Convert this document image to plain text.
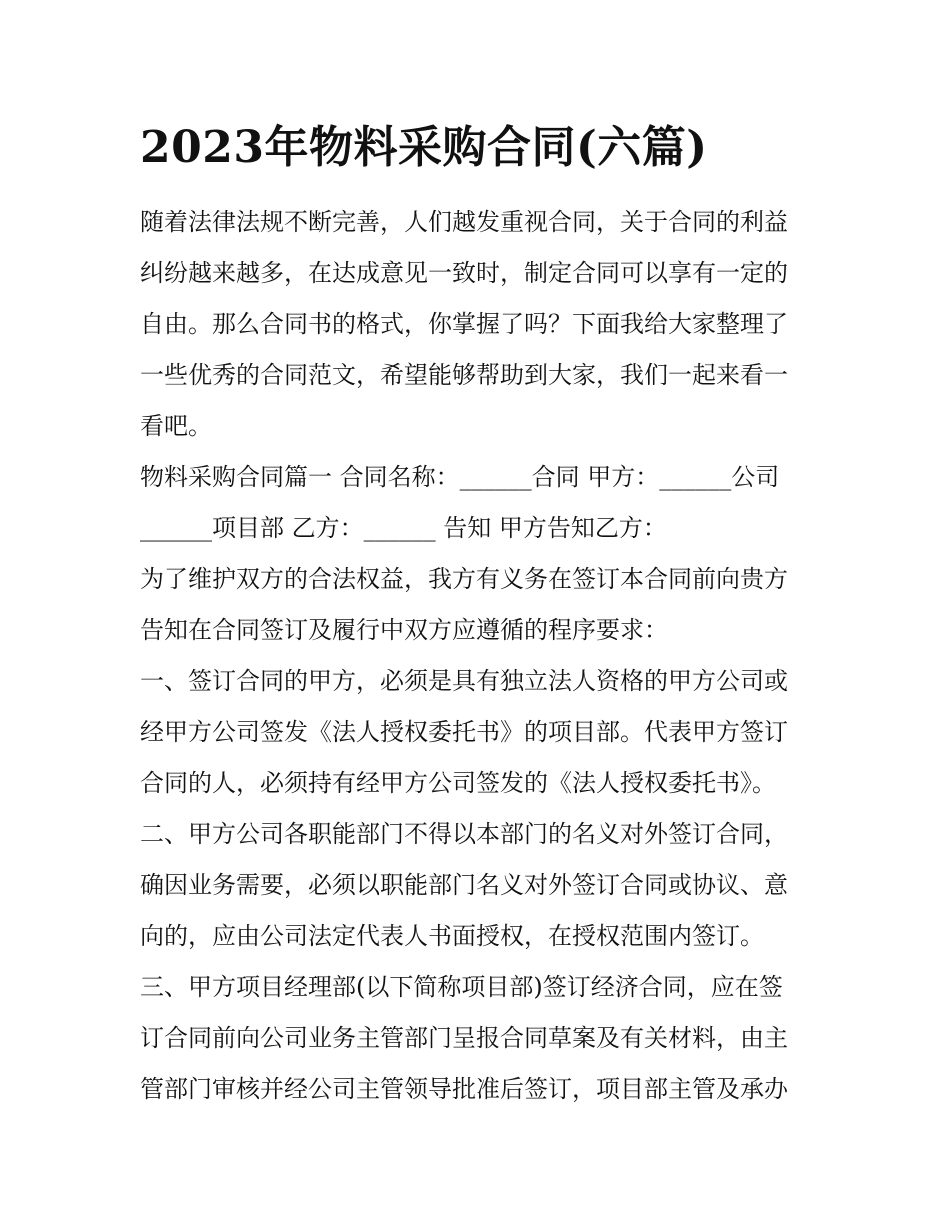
2023年物料采购合同(六篇)
随着法律法规不断完善，人们越发重视合同，关于合同的利益
纠纷越来越多，在达成意见一致时，制定合同可以享有一定的
自由。那么合同书的格式，你掌握了吗？下面我给大家整理了
一些优秀的合同范文，希望能够帮助到大家，我们一起来看一
看吧。
物料采购合同篇一 合同名称：______合同 甲方：______公司
______项目部 乙方：______ 告知 甲方告知乙方：
为了维护双方的合法权益，我方有义务在签订本合同前向贵方
告知在合同签订及履行中双方应遵循的程序要求：
一、签订合同的甲方，必须是具有独立法人资格的甲方公司或
经甲方公司签发《法人授权委托书》的项目部。代表甲方签订
合同的人，必须持有经甲方公司签发的《法人授权委托书》。
二、甲方公司各职能部门不得以本部门的名义对外签订合同，
确因业务需要，必须以职能部门名义对外签订合同或协议、意
向的，应由公司法定代表人书面授权，在授权范围内签订。
三、甲方项目经理部(以下简称项目部)签订经济合同，应在签
订合同前向公司业务主管部门呈报合同草案及有关材料，由主
管部门审核并经公司主管领导批准后签订，项目部主管及承办
